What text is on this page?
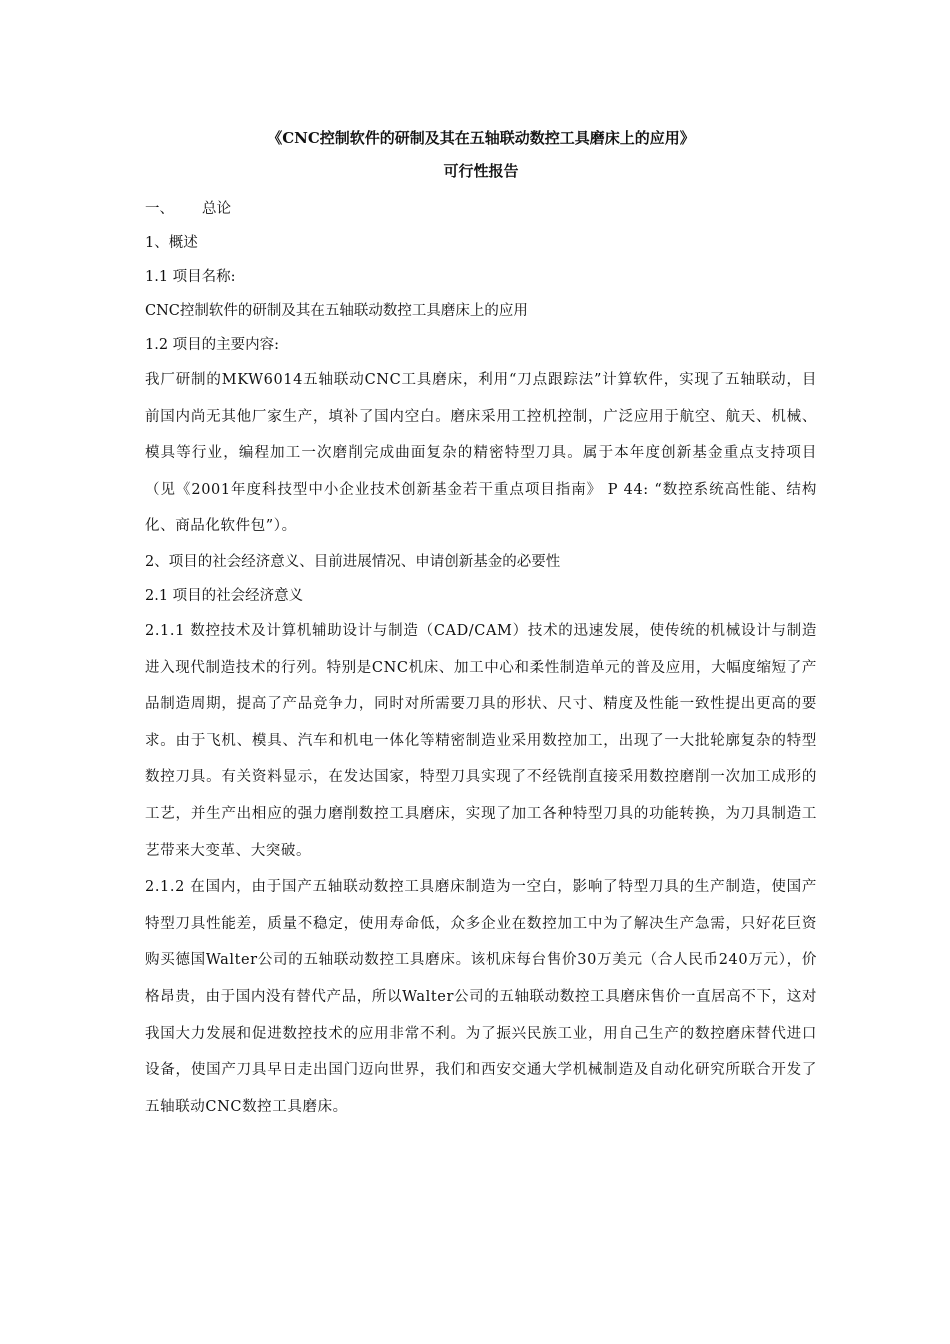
《CNC控制软件的研制及其在五轴联动数控工具磨床上的应用》

可行性报告

一、 总论

1、概述

1.1 项目名称:

CNC控制软件的研制及其在五轴联动数控工具磨床上的应用

1.2 项目的主要内容:

我厂研制的MKW6014五轴联动CNC工具磨床，利用“刀点跟踪法”计算软件，实现了五轴联动，目前国内尚无其他厂家生产，填补了国内空白。磨床采用工控机控制，广泛应用于航空、航天、机械、模具等行业，编程加工一次磨削完成曲面复杂的精密特型刀具。属于本年度创新基金重点支持项目（见《2001年度科技型中小企业技术创新基金若干重点项目指南》 P 44: “数控系统高性能、结构化、商品化软件包”）。

2、项目的社会经济意义、目前进展情况、申请创新基金的必要性

2.1 项目的社会经济意义

2.1.1 数控技术及计算机辅助设计与制造（CAD/CAM）技术的迅速发展，使传统的机械设计与制造进入现代制造技术的行列。特别是CNC机床、加工中心和柔性制造单元的普及应用，大幅度缩短了产品制造周期，提高了产品竞争力，同时对所需要刀具的形状、尺寸、精度及性能一致性提出更高的要求。由于飞机、模具、汽车和机电一体化等精密制造业采用数控加工，出现了一大批轮廓复杂的特型数控刀具。有关资料显示，在发达国家，特型刀具实现了不经铣削直接采用数控磨削一次加工成形的工艺，并生产出相应的强力磨削数控工具磨床，实现了加工各种特型刀具的功能转换，为刀具制造工艺带来大变革、大突破。

2.1.2 在国内，由于国产五轴联动数控工具磨床制造为一空白，影响了特型刀具的生产制造，使国产特型刀具性能差，质量不稳定，使用寿命低，众多企业在数控加工中为了解决生产急需，只好花巨资购买德国Walter公司的五轴联动数控工具磨床。该机床每台售价30万美元（合人民币240万元），价格昂贵，由于国内没有替代产品，所以Walter公司的五轴联动数控工具磨床售价一直居高不下，这对我国大力发展和促进数控技术的应用非常不利。为了振兴民族工业，用自己生产的数控磨床替代进口设备，使国产刀具早日走出国门迈向世界，我们和西安交通大学机械制造及自动化研究所联合开发了五轴联动CNC数控工具磨床。
